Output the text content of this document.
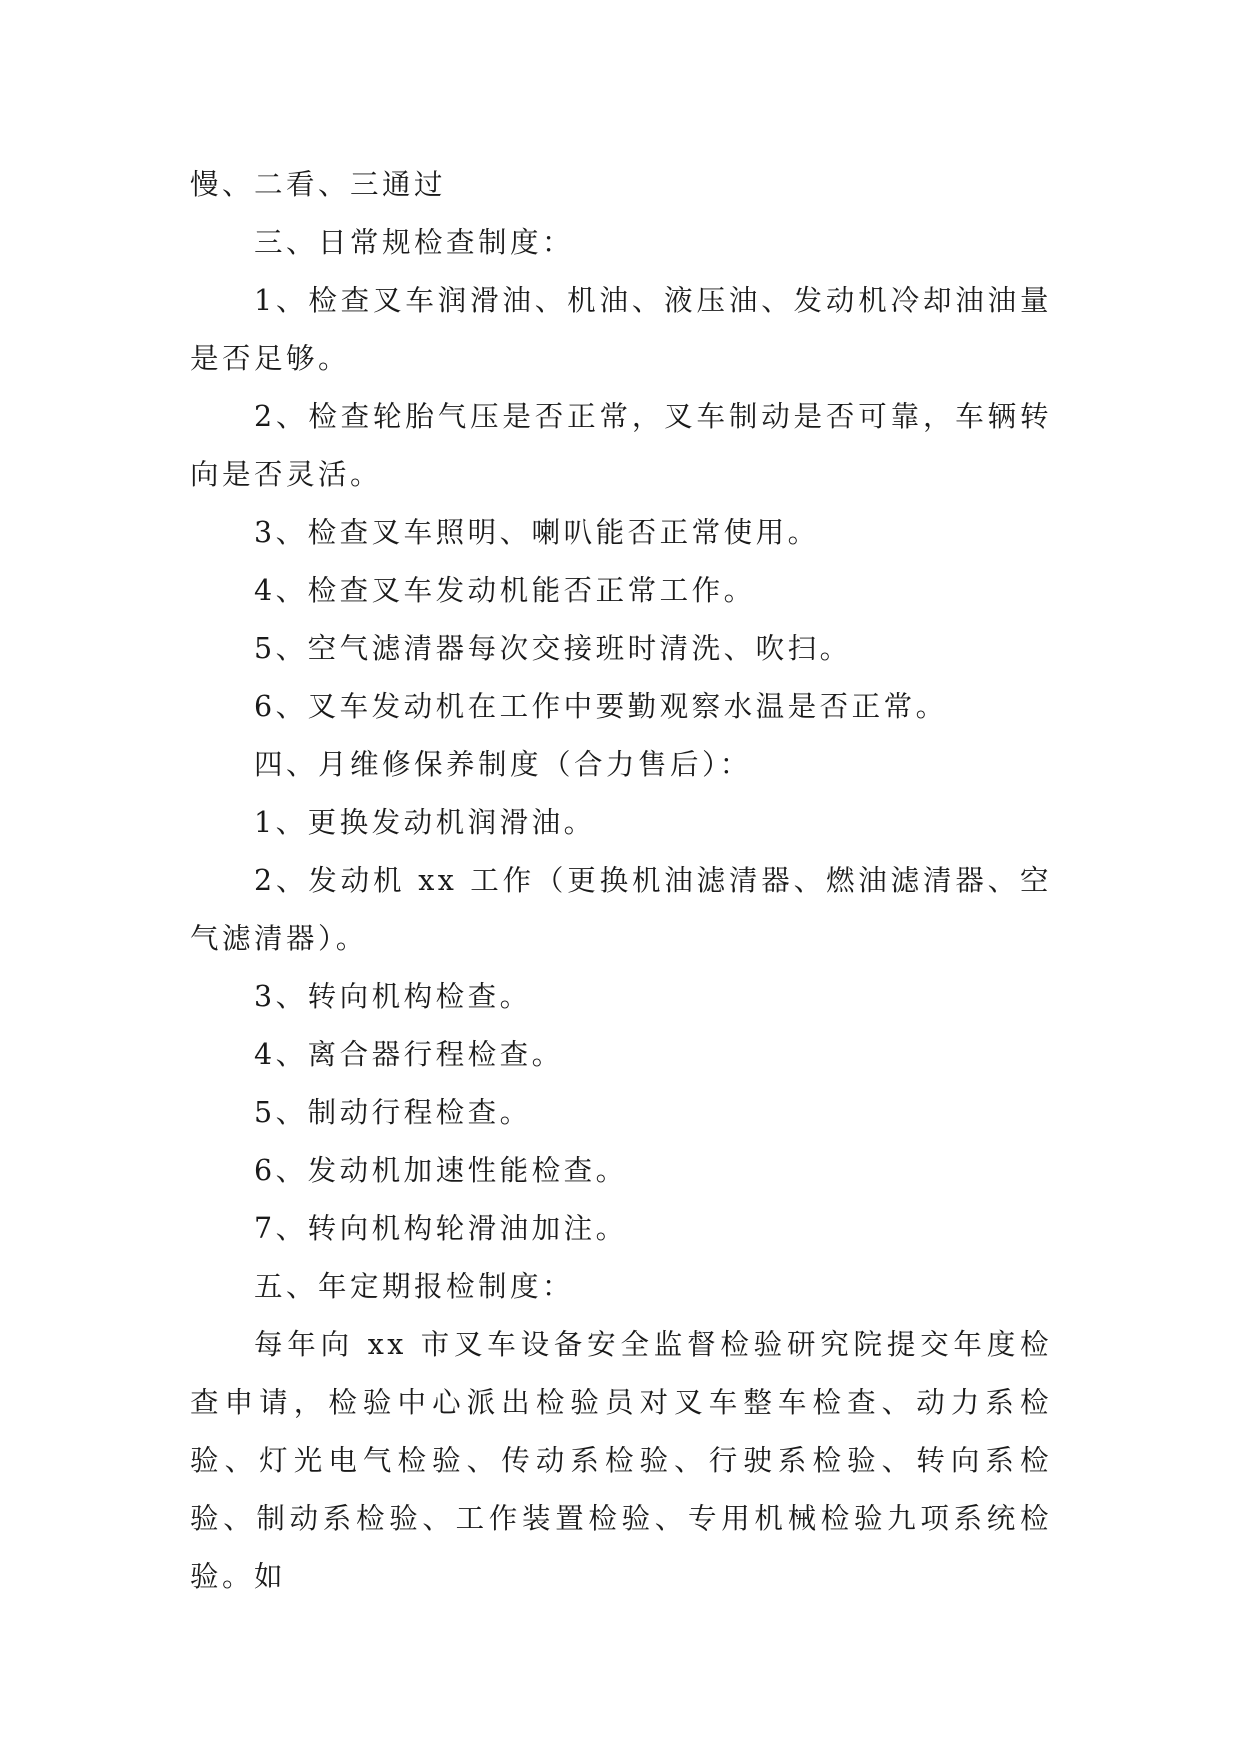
慢、二看、三通过

三、日常规检查制度：

1、检查叉车润滑油、机油、液压油、发动机冷却油油量是否足够。

2、检查轮胎气压是否正常，叉车制动是否可靠，车辆转向是否灵活。

3、检查叉车照明、喇叭能否正常使用。

4、检查叉车发动机能否正常工作。

5、空气滤清器每次交接班时清洗、吹扫。

6、叉车发动机在工作中要勤观察水温是否正常。

四、月维修保养制度（合力售后）：

1、更换发动机润滑油。

2、发动机 xx 工作（更换机油滤清器、燃油滤清器、空气滤清器）。

3、转向机构检查。

4、离合器行程检查。

5、制动行程检查。

6、发动机加速性能检查。

7、转向机构轮滑油加注。

五、年定期报检制度：

每年向 xx 市叉车设备安全监督检验研究院提交年度检查申请，检验中心派出检验员对叉车整车检查、动力系检验、灯光电气检验、传动系检验、行驶系检验、转向系检验、制动系检验、工作装置检验、专用机械检验九项系统检验。如
